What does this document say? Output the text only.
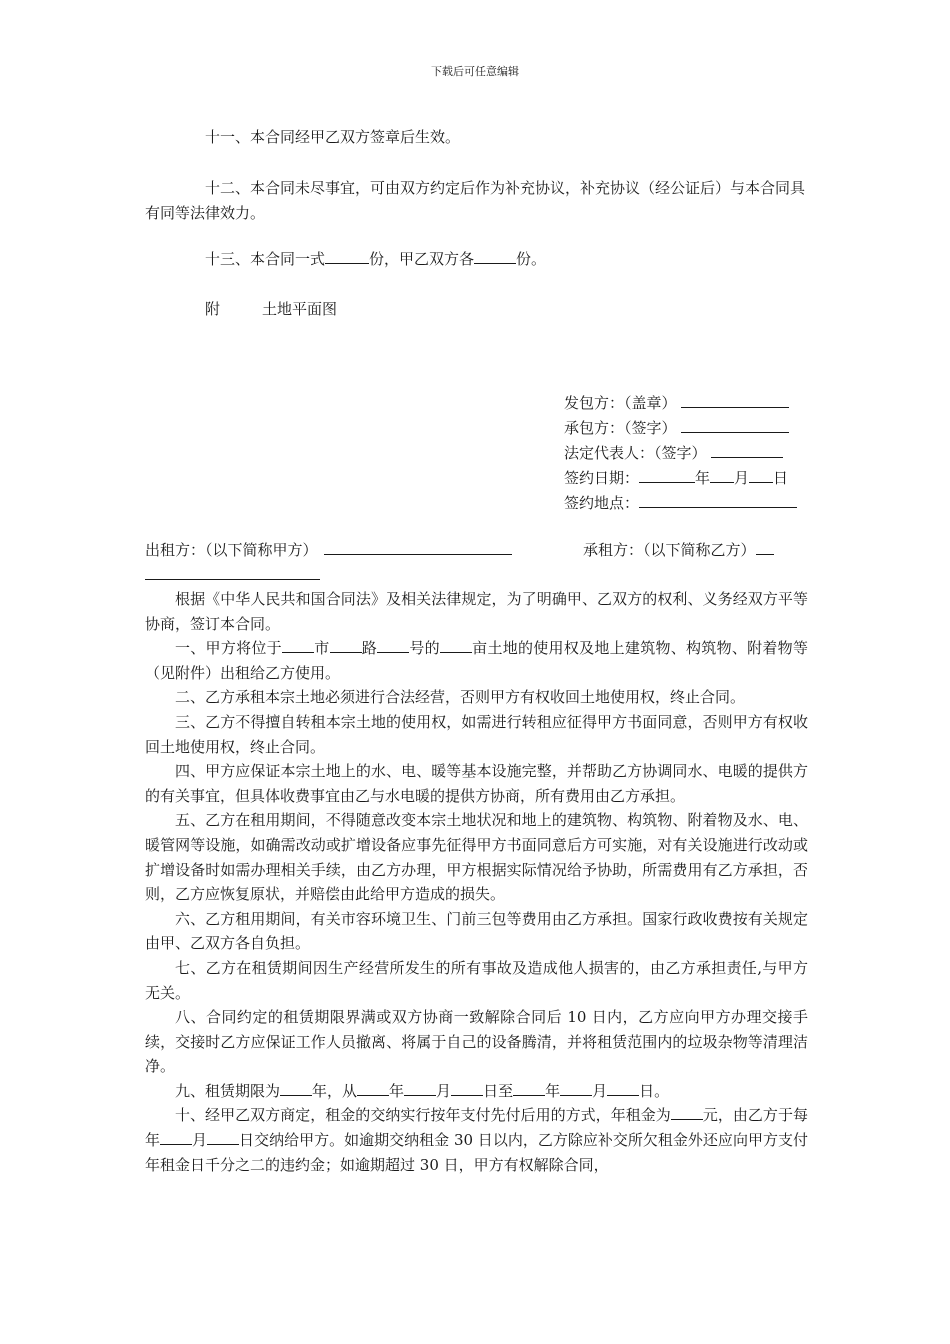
下载后可任意编辑

十一、本合同经甲乙双方签章后生效。

十二、本合同未尽事宜，可由双方约定后作为补充协议，补充协议（经公证后）与本合同具有同等法律效力。

十三、本合同一式	份，甲乙双方各	份。

附	土地平面图

发包方：（盖章）
承包方：（签字）
法定代表人：（签字）
签约日期：	年 月 日
签约地点：
出租方：（以下简称甲方）	承租方：（以下简称乙方）

根据《中华人民共和国合同法》及相关法律规定，为了明确甲、乙双方的权利、义务经双方平等协商，签订本合同。

一、甲方将位于 市 路 号的 亩土地的使用权及地上建筑物、构筑物、附着物等（见附件）出租给乙方使用。

二、乙方承租本宗土地必须进行合法经营，否则甲方有权收回土地使用权，终止合同。

三、乙方不得擅自转租本宗土地的使用权，如需进行转租应征得甲方书面同意，否则甲方有权收回土地使用权，终止合同。

四、甲方应保证本宗土地上的水、电、暖等基本设施完整，并帮助乙方协调同水、电暖的提供方的有关事宜，但具体收费事宜由乙与水电暖的提供方协商，所有费用由乙方承担。

五、乙方在租用期间，不得随意改变本宗土地状况和地上的建筑物、构筑物、附着物及水、电、暖管网等设施，如确需改动或扩增设备应事先征得甲方书面同意后方可实施，对有关设施进行改动或扩增设备时如需办理相关手续，由乙方办理，甲方根据实际情况给予协助，所需费用有乙方承担，否则，乙方应恢复原状，并赔偿由此给甲方造成的损失。

六、乙方租用期间，有关市容环境卫生、门前三包等费用由乙方承担。国家行政收费按有关规定由甲、乙双方各自负担。

七、乙方在租赁期间因生产经营所发生的所有事故及造成他人损害的，由乙方承担责任,与甲方无关。

八、合同约定的租赁期限界满或双方协商一致解除合同后 10 日内，乙方应向甲方办理交接手续，交接时乙方应保证工作人员撤离、将属于自己的设备腾清，并将租赁范围内的垃圾杂物等清理洁净。

九、租赁期限为 年，从 年 月 日至 年 月 日。

十、经甲乙双方商定，租金的交纳实行按年支付先付后用的方式，年租金为 元，由乙方于每年 月 日交纳给甲方。如逾期交纳租金 30 日以内，乙方除应补交所欠租金外还应向甲方支付年租金日千分之二的违约金；如逾期超过 30 日，甲方有权解除合同，
